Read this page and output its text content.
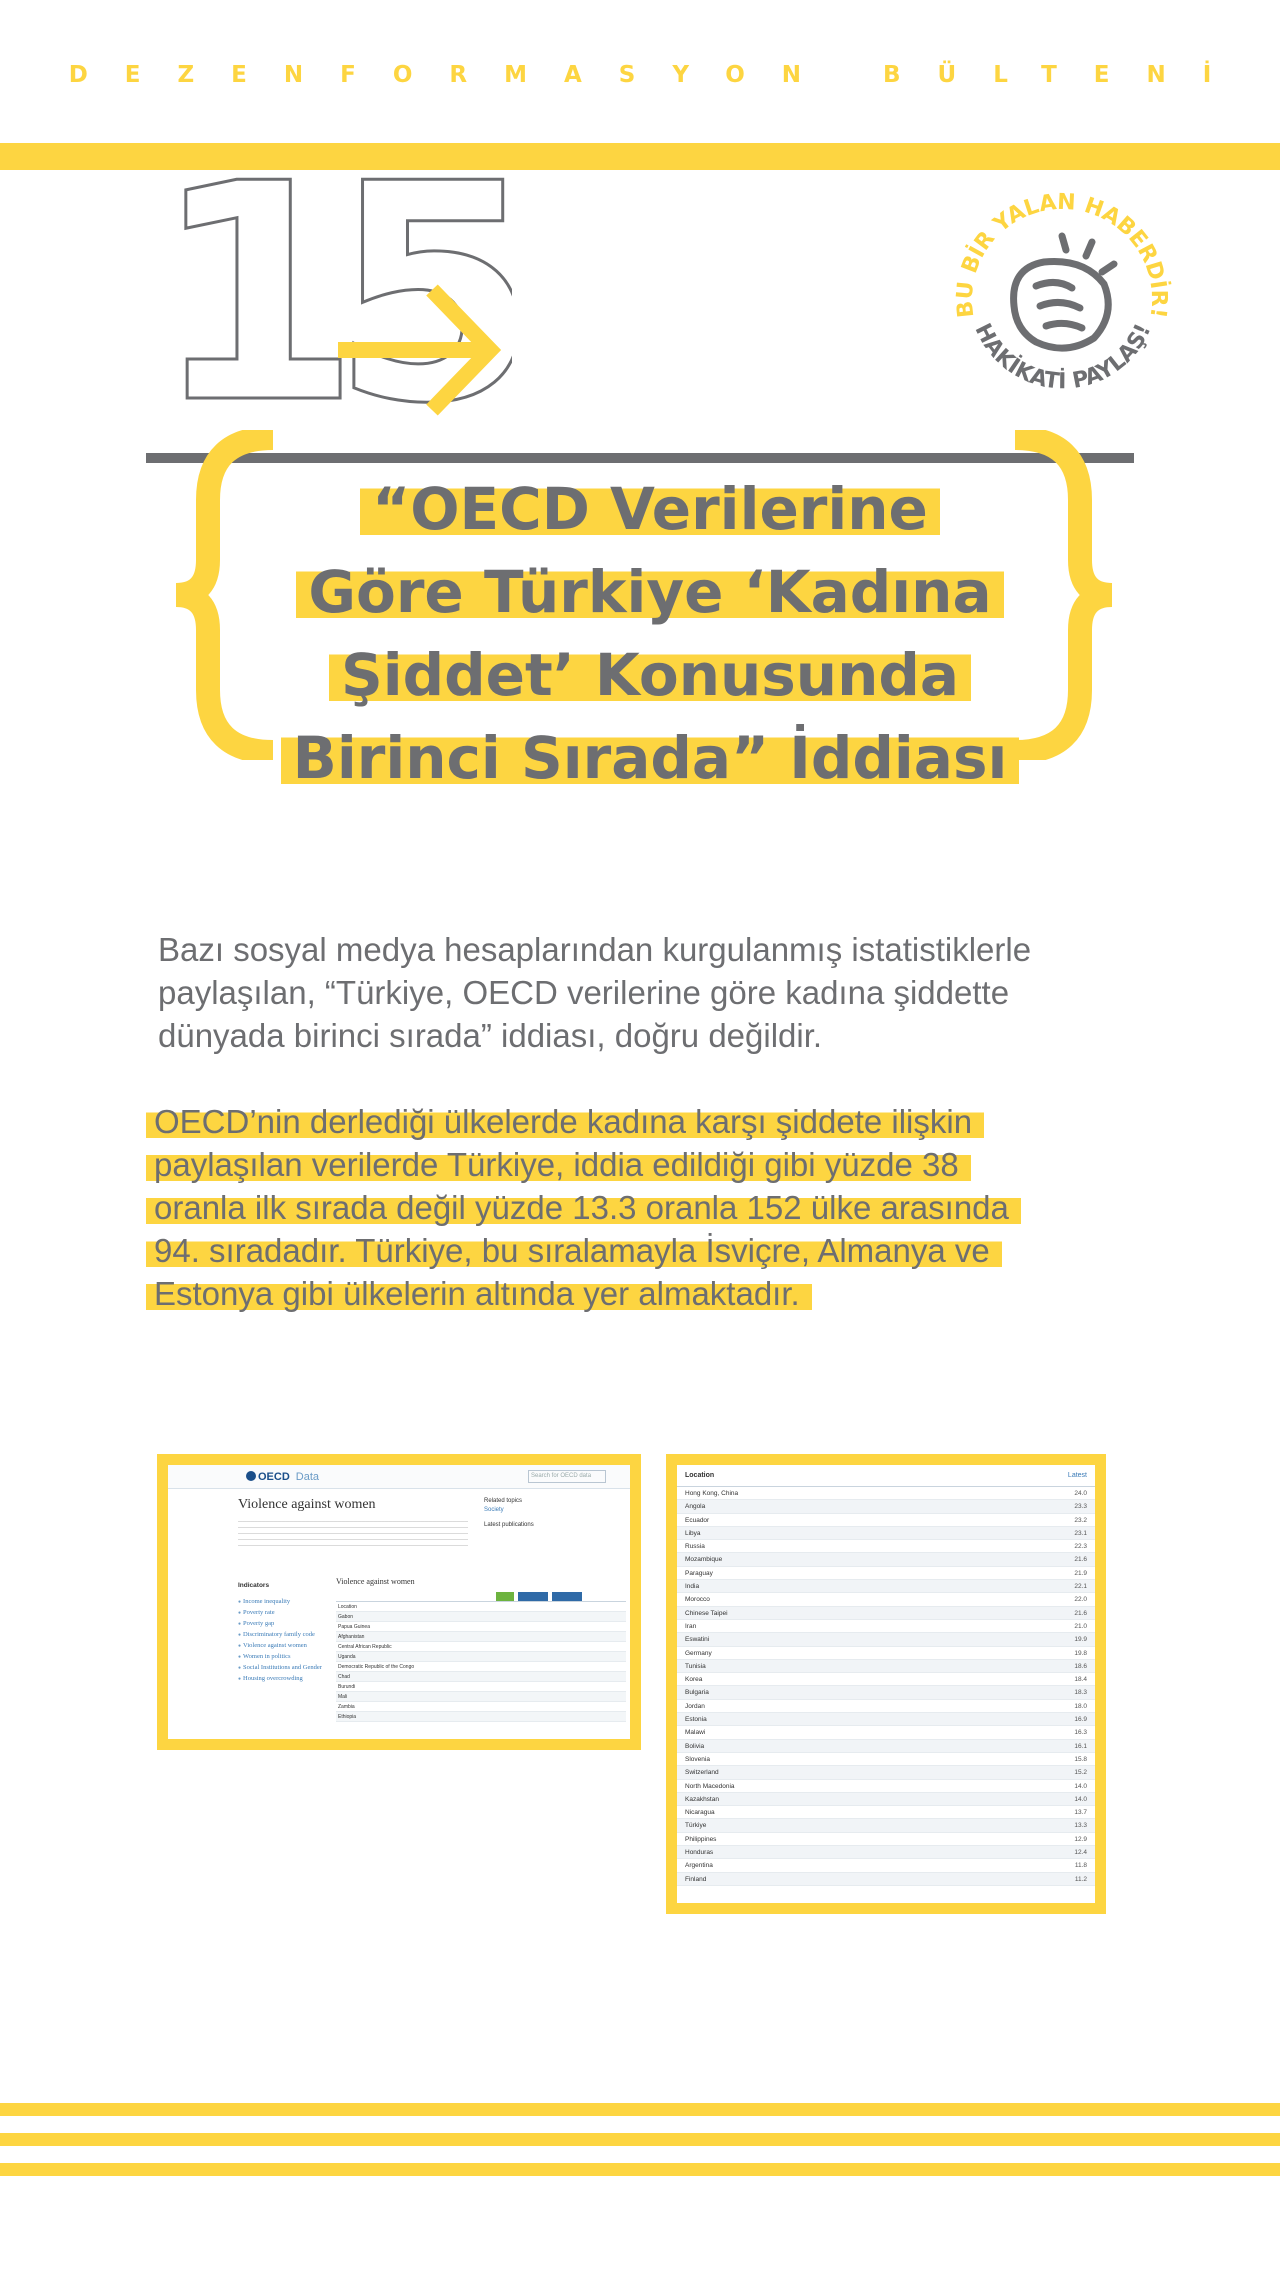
DEZENFORMASYON BÜLTENİ
15	BU BİR YALAN HABERDİR!
HAKİKATİ PAYLAŞ!
“OECD Verilerine
Göre Türkiye ‘Kadına
Şiddet’ Konusunda
Birinci Sırada” İddiası

Bazı sosyal medya hesaplarından kurgulanmış istatistiklerle paylaşılan, “Türkiye, OECD verilerine göre kadına şiddette dünyada birinci sırada” iddiası, doğru değildir.

OECD’nin derlediği ülkelerde kadına karşı şiddete ilişkin
paylaşılan verilerde Türkiye, iddia edildiği gibi yüzde 38
oranla ilk sırada değil yüzde 13.3 oranla 152 ülke arasında
94. sıradadır. Türkiye, bu sıralamayla İsviçre, Almanya ve
Estonya gibi ülkelerin altında yer almaktadır.

OECD Data	Search for OECD data
Violence against women	Related topics
Society
Latest publications
Indicators
● Income inequality
● Poverty rate
● Poverty gap
● Discriminatory family code
● Violence against women
● Women in politics
● Social Institutions and Gender
● Housing overcrowding
Violence against women
Location
Gabon
Papua Guinea
Afghanistan
Central African Republic
Uganda
Democratic Republic of the Congo
Chad
Burundi
Mali
Zambia
Ethiopia
Location	Latest
Hong Kong, China	24.0
Angola	23.3
Ecuador	23.2
Libya	23.1
Russia	22.3
Mozambique	21.6
Paraguay	21.9
India	22.1
Morocco	22.0
Chinese Taipei	21.6
Iran	21.0
Eswatini	19.9
Germany	19.8
Tunisia	18.6
Korea	18.4
Bulgaria	18.3
Jordan	18.0
Estonia	16.9
Malawi	16.3
Bolivia	16.1
Slovenia	15.8
Switzerland	15.2
North Macedonia	14.0
Kazakhstan	14.0
Nicaragua	13.7
Türkiye	13.3
Philippines	12.9
Honduras	12.4
Argentina	11.8
Finland	11.2
